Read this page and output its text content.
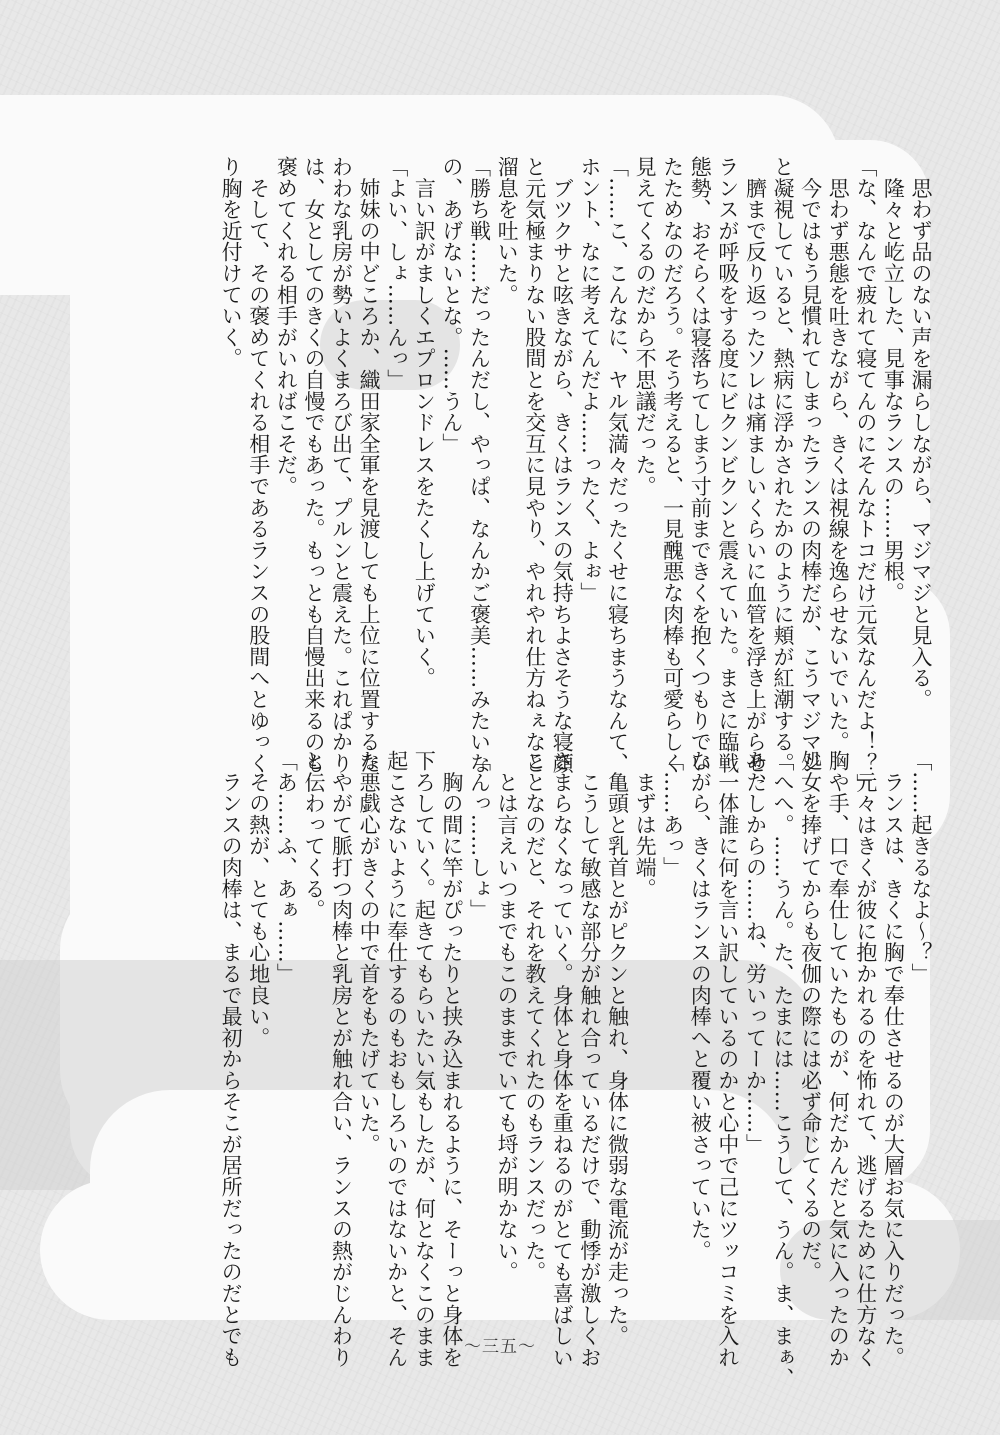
　思わず品のない声を漏らしながら、マジマジと見入る。
　隆々と屹立した、見事なランスの……男根。
「な、なんで疲れて寝てんのにそんなトコだけ元気なんだよ！？」
　思わず悪態を吐きながら、きくは視線を逸らせないでいた。
　今ではもう見慣れてしまったランスの肉棒だが、こうマジマジ
と凝視していると、熱病に浮かされたかのように頬が紅潮する。
　臍まで反り返ったソレは痛ましいくらいに血管を浮き上がらせ、
ランスが呼吸をする度にビクンビクンと震えていた。まさに臨戦
態勢、おそらくは寝落ちてしまう寸前まできくを抱くつもりでい
たためなのだろう。そう考えると、一見醜悪な肉棒も可愛らしく
見えてくるのだから不思議だった。
「……こ、こんなに、ヤル気満々だったくせに寝ちまうなんて、
ホント、なに考えてんだよ……ったく、よぉ」
　ブツクサと呟きながら、きくはランスの気持ちよさそうな寝顔
と元気極まりない股間とを交互に見やり、やれやれ仕方ねぇなと
溜息を吐いた。
「勝ち戦……だったんだし、やっぱ、なんかご褒美……みたいな
の、あげないとな。……うん」
　言い訳がましくエプロンドレスをたくし上げていく。
「よい、しょ……んっ」
　姉妹の中どころか、織田家全軍を見渡しても上位に位置するた
わわな乳房が勢いよくまろび出て、プルンと震えた。これぱかり
は、女としてのきくの自慢でもあった。もっとも自慢出来るのも
褒めてくれる相手がいればこそだ。
　そして、その褒めてくれる相手であるランスの股間へとゆっく
り胸を近付けていく。
「……起きるなよ～？」
　ランスは、きくに胸で奉仕させるのが大層お気に入りだった。
　元々はきくが彼に抱かれるのを怖れて、逃げるために仕方なく
胸や手、口で奉仕していたものが、何だかんだと気に入ったのか
処女を捧げてからも夜伽の際には必ず命じてくるのだ。
「へへ。……うん。た、たまには……こうして、うん。ま、まぁ、
あたしからの……ね、労いってーか……」
　一体誰に何を言い訳しているのかと心中で己にツッコミを入れ
ながら、きくはランスの肉棒へと覆い被さっていた。
「……あっ」
　まずは先端。
　亀頭と乳首とがピクンと触れ、身体に微弱な電流が走った。
　こうして敏感な部分が触れ合っているだけで、動悸が激しくお
さまらなくなっていく。身体と身体を重ねるのがとても喜ばしい
ことなのだと、それを教えてくれたのもランスだった。
　とは言えいつまでもこのままでいても埒が明かない。
「んっ……しょ」
　胸の間に竿がぴったりと挟み込まれるように、そーっと身体を
下ろしていく。起きてもらいたい気もしたが、何となくこのまま
起こさないように奉仕するのもおもしろいのではないかと、そん
な悪戯心がきくの中で首をもたげていた。
　やがて脈打つ肉棒と乳房とが触れ合い、ランスの熱がじんわり
と伝わってくる。
「あ……ふ、あぁ……」
　その熱が、とても心地良い。
　ランスの肉棒は、まるで最初からそこが居所だったのだとでも	～三五～
